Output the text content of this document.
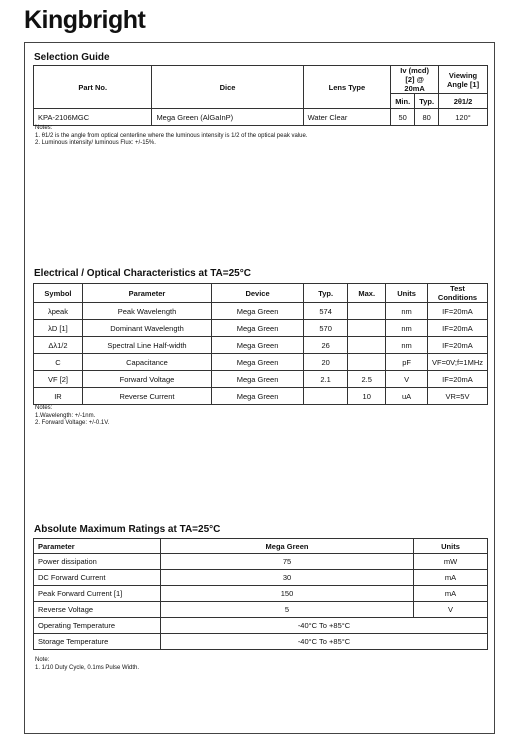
Kingbright
Selection Guide
Part No.	Dice	Lens Type	Iv (mcd) [2] @ 20mA		Viewing Angle [1]
			Min.	Typ.	2θ1/2
KPA-2106MGC	Mega Green (AlGaInP)	Water Clear	50	80	120°
Notes:
1. θ1/2 is the angle from optical centerline where the luminous intensity is 1/2 of the optical peak value.
2. Luminous intensity/ luminous Flux: +/-15%.
Electrical / Optical Characteristics at TA=25°C
Symbol	Parameter	Device	Typ.	Max.	Units	Test Conditions
λpeak	Peak Wavelength	Mega Green	574		nm	IF=20mA
λD [1]	Dominant Wavelength	Mega Green	570		nm	IF=20mA
Δλ1/2	Spectral Line Half-width	Mega Green	26		nm	IF=20mA
C	Capacitance	Mega Green	20		pF	VF=0V;f=1MHz
VF [2]	Forward Voltage	Mega Green	2.1	2.5	V	IF=20mA
IR	Reverse Current	Mega Green		10	uA	VR=5V
Notes:
1.Wavelength: +/-1nm.
2. Forward Voltage: +/-0.1V.
Absolute Maximum Ratings at TA=25°C
Parameter	Mega Green	Units
Power dissipation	75	mW
DC Forward Current	30	mA
Peak Forward Current [1]	150	mA
Reverse Voltage	5	V
Operating Temperature	-40°C To +85°C	
Storage Temperature	-40°C To +85°C	
Note:
1. 1/10 Duty Cycle, 0.1ms Pulse Width.
